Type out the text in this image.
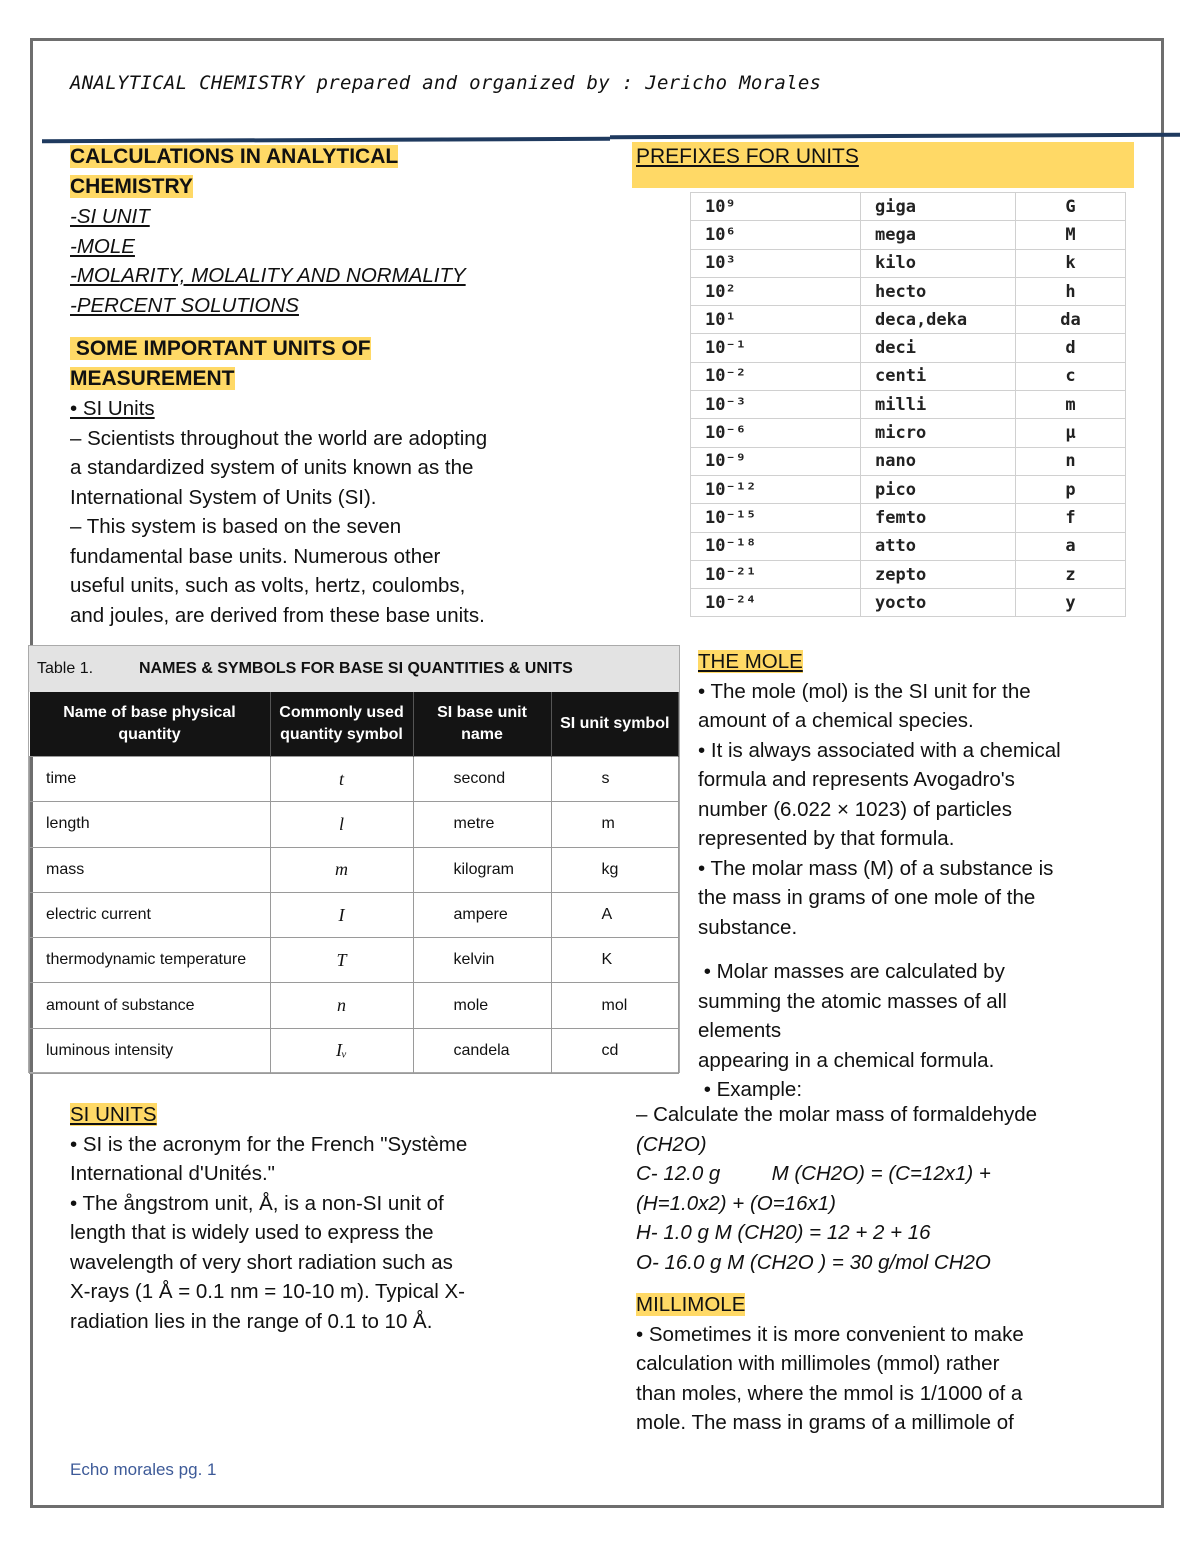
ANALYTICAL CHEMISTRY prepared and organized by : Jericho Morales
CALCULATIONS IN ANALYTICAL
CHEMISTRY

-SI UNIT

-MOLE

-MOLARITY, MOLALITY AND NORMALITY

-PERCENT SOLUTIONS

SOME IMPORTANT UNITS OF
MEASUREMENT

• SI Units

– Scientists throughout the world are adopting

a standardized system of units known as the

International System of Units (SI).

– This system is based on the seven

fundamental base units. Numerous other

useful units, such as volts, hertz, coulombs,

and joules, are derived from these base units.

PREFIXES FOR UNITS
10⁹	giga	G
10⁶	mega	M
10³	kilo	k
10²	hecto	h
10¹	deca,deka	da
10⁻¹	deci	d
10⁻²	centi	c
10⁻³	milli	m
10⁻⁶	micro	μ
10⁻⁹	nano	n
10⁻¹²	pico	p
10⁻¹⁵	femto	f
10⁻¹⁸	atto	a
10⁻²¹	zepto	z
10⁻²⁴	yocto	y
Table 1.	NAMES & SYMBOLS FOR BASE SI QUANTITIES & UNITS
Name of base physical quantity	Commonly used quantity symbol	SI base unit name	SI unit symbol
time	t	second	s
length	l	metre	m
mass	m	kilogram	kg
electric current	I	ampere	A
thermodynamic temperature	T	kelvin	K
amount of substance	n	mole	mol
luminous intensity	Iᵥ	candela	cd
SI UNITS

• SI is the acronym for the French "Système

International d'Unités."

• The ångstrom unit, Å, is a non-SI unit of

length that is widely used to express the

wavelength of very short radiation such as

X-rays (1 Å = 0.1 nm = 10-10 m). Typical X-

radiation lies in the range of 0.1 to 10 Å.

THE MOLE

• The mole (mol) is the SI unit for the

amount of a chemical species.

• It is always associated with a chemical

formula and represents Avogadro's

number (6.022 × 1023) of particles

represented by that formula.

• The molar mass (M) of a substance is

the mass in grams of one mole of the

substance.

• Molar masses are calculated by

summing the atomic masses of all

elements

appearing in a chemical formula.

• Example:

– Calculate the molar mass of formaldehyde

(CH2O)

C- 12.0 g         M (CH2O) = (C=12x1) +

(H=1.0x2) + (O=16x1)

H- 1.0 g M (CH20) = 12 + 2 + 16

O- 16.0 g M (CH2O ) = 30 g/mol CH2O

MILLIMOLE

• Sometimes it is more convenient to make

calculation with millimoles (mmol) rather

than moles, where the mmol is 1/1000 of a

mole. The mass in grams of a millimole of

Echo morales pg. 1
